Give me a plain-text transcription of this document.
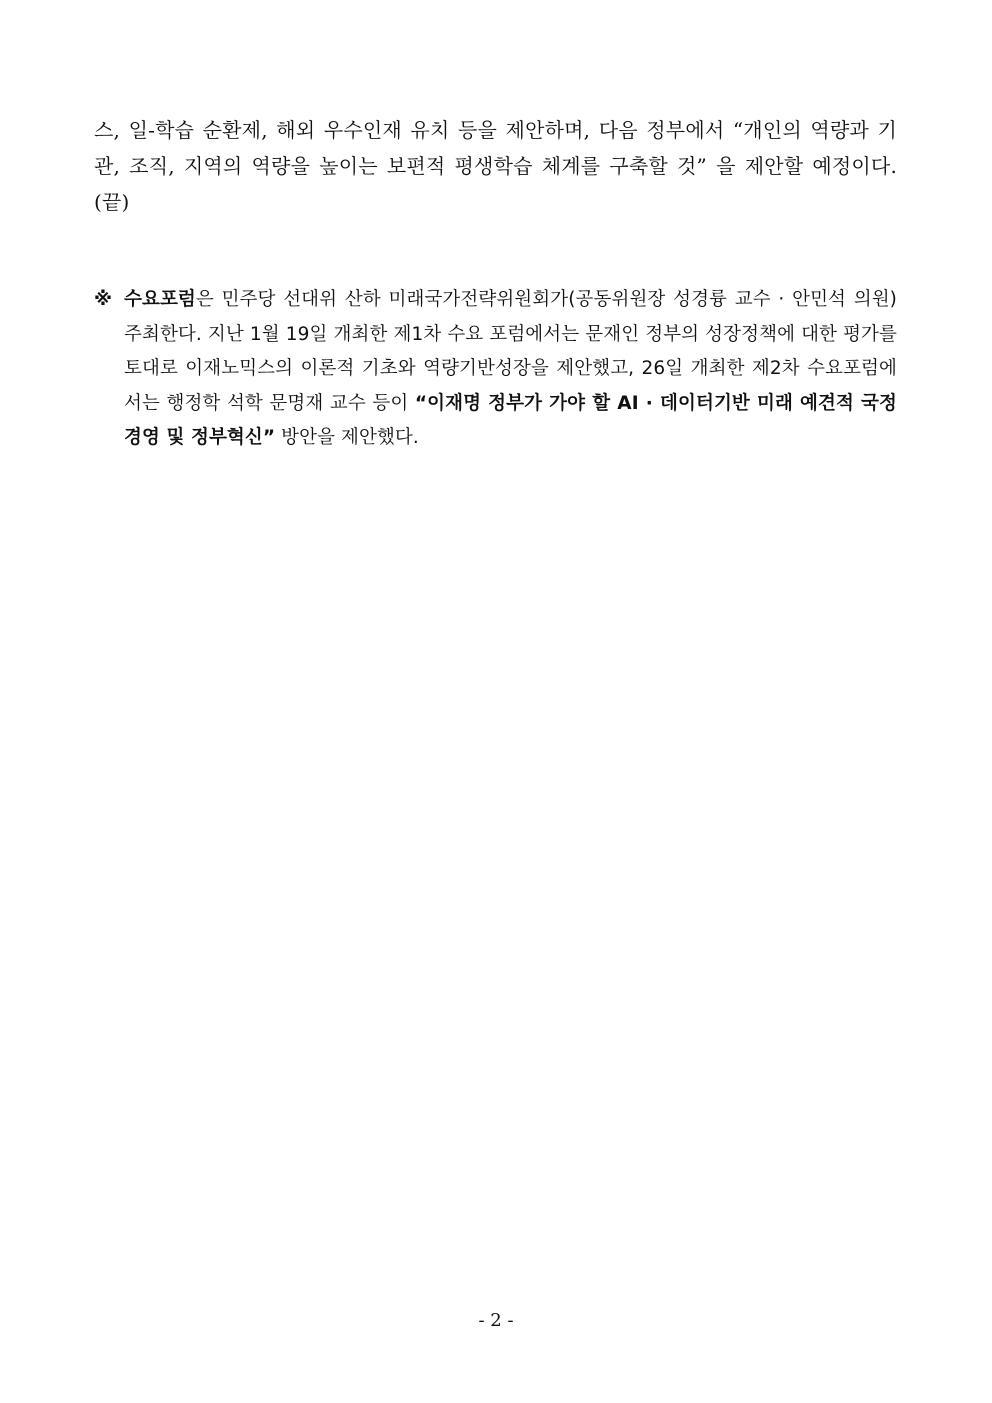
스, 일-학습 순환제, 해외 우수인재 유치 등을 제안하며, 다음 정부에서 “개인의 역량과 기관, 조직, 지역의 역량을 높이는 보편적 평생학습 체계를 구축할 것” 을 제안할 예정이다. (끝)

※ 수요포럼은 민주당 선대위 산하 미래국가전략위원회가(공동위원장 성경륭 교수 · 안민석 의원) 주최한다. 지난 1월 19일 개최한 제1차 수요 포럼에서는 문재인 정부의 성장정책에 대한 평가를 토대로 이재노믹스의 이론적 기초와 역량기반성장을 제안했고, 26일 개최한 제2차 수요포럼에서는 행정학 석학 문명재 교수 등이 “이재명 정부가 가야 할 AI · 데이터기반 미래 예견적 국정경영 및 정부혁신” 방안을 제안했다.
- 2 -
